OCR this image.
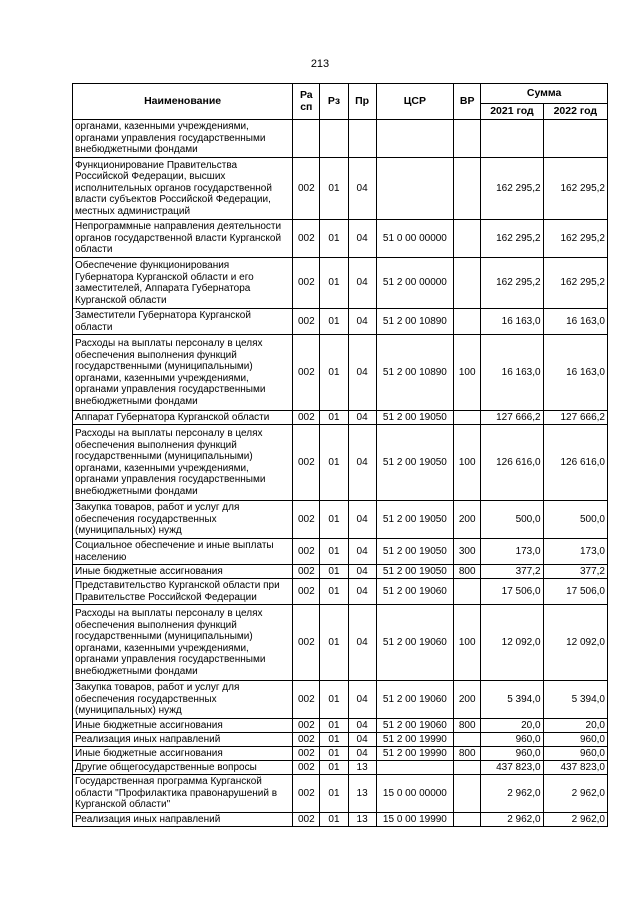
213
Наименование	Ра сп	Рз	Пр	ЦСР	ВР	Сумма	
						2021 год	2022 год
органами, казенными учреждениями, органами управления государственными внебюджетными фондами							
Функционирование Правительства Российской Федерации, высших исполнительных органов государственной власти субъектов Российской Федерации, местных администраций	002	01	04			162 295,2	162 295,2
Непрограммные направления деятельности органов государственной власти Курганской области	002	01	04	51 0 00 00000		162 295,2	162 295,2
Обеспечение функционирования Губернатора Курганской области и его заместителей, Аппарата Губернатора Курганской области	002	01	04	51 2 00 00000		162 295,2	162 295,2
Заместители Губернатора Курганской области	002	01	04	51 2 00 10890		16 163,0	16 163,0
Расходы на выплаты персоналу в целях обеспечения выполнения функций государственными (муниципальными) органами, казенными учреждениями, органами управления государственными внебюджетными фондами	002	01	04	51 2 00 10890	100	16 163,0	16 163,0
Аппарат Губернатора Курганской области	002	01	04	51 2 00 19050		127 666,2	127 666,2
Расходы на выплаты персоналу в целях обеспечения выполнения функций государственными (муниципальными) органами, казенными учреждениями, органами управления государственными внебюджетными фондами	002	01	04	51 2 00 19050	100	126 616,0	126 616,0
Закупка товаров, работ и услуг для обеспечения государственных (муниципальных) нужд	002	01	04	51 2 00 19050	200	500,0	500,0
Социальное обеспечение и иные выплаты населению	002	01	04	51 2 00 19050	300	173,0	173,0
Иные бюджетные ассигнования	002	01	04	51 2 00 19050	800	377,2	377,2
Представительство Курганской области при Правительстве Российской Федерации	002	01	04	51 2 00 19060		17 506,0	17 506,0
Расходы на выплаты персоналу в целях обеспечения выполнения функций государственными (муниципальными) органами, казенными учреждениями, органами управления государственными внебюджетными фондами	002	01	04	51 2 00 19060	100	12 092,0	12 092,0
Закупка товаров, работ и услуг для обеспечения государственных (муниципальных) нужд	002	01	04	51 2 00 19060	200	5 394,0	5 394,0
Иные бюджетные ассигнования	002	01	04	51 2 00 19060	800	20,0	20,0
Реализация иных направлений	002	01	04	51 2 00 19990		960,0	960,0
Иные бюджетные ассигнования	002	01	04	51 2 00 19990	800	960,0	960,0
Другие общегосударственные вопросы	002	01	13			437 823,0	437 823,0
Государственная программа Курганской области "Профилактика правонарушений в Курганской области"	002	01	13	15 0 00 00000		2 962,0	2 962,0
Реализация иных направлений	002	01	13	15 0 00 19990		2 962,0	2 962,0
